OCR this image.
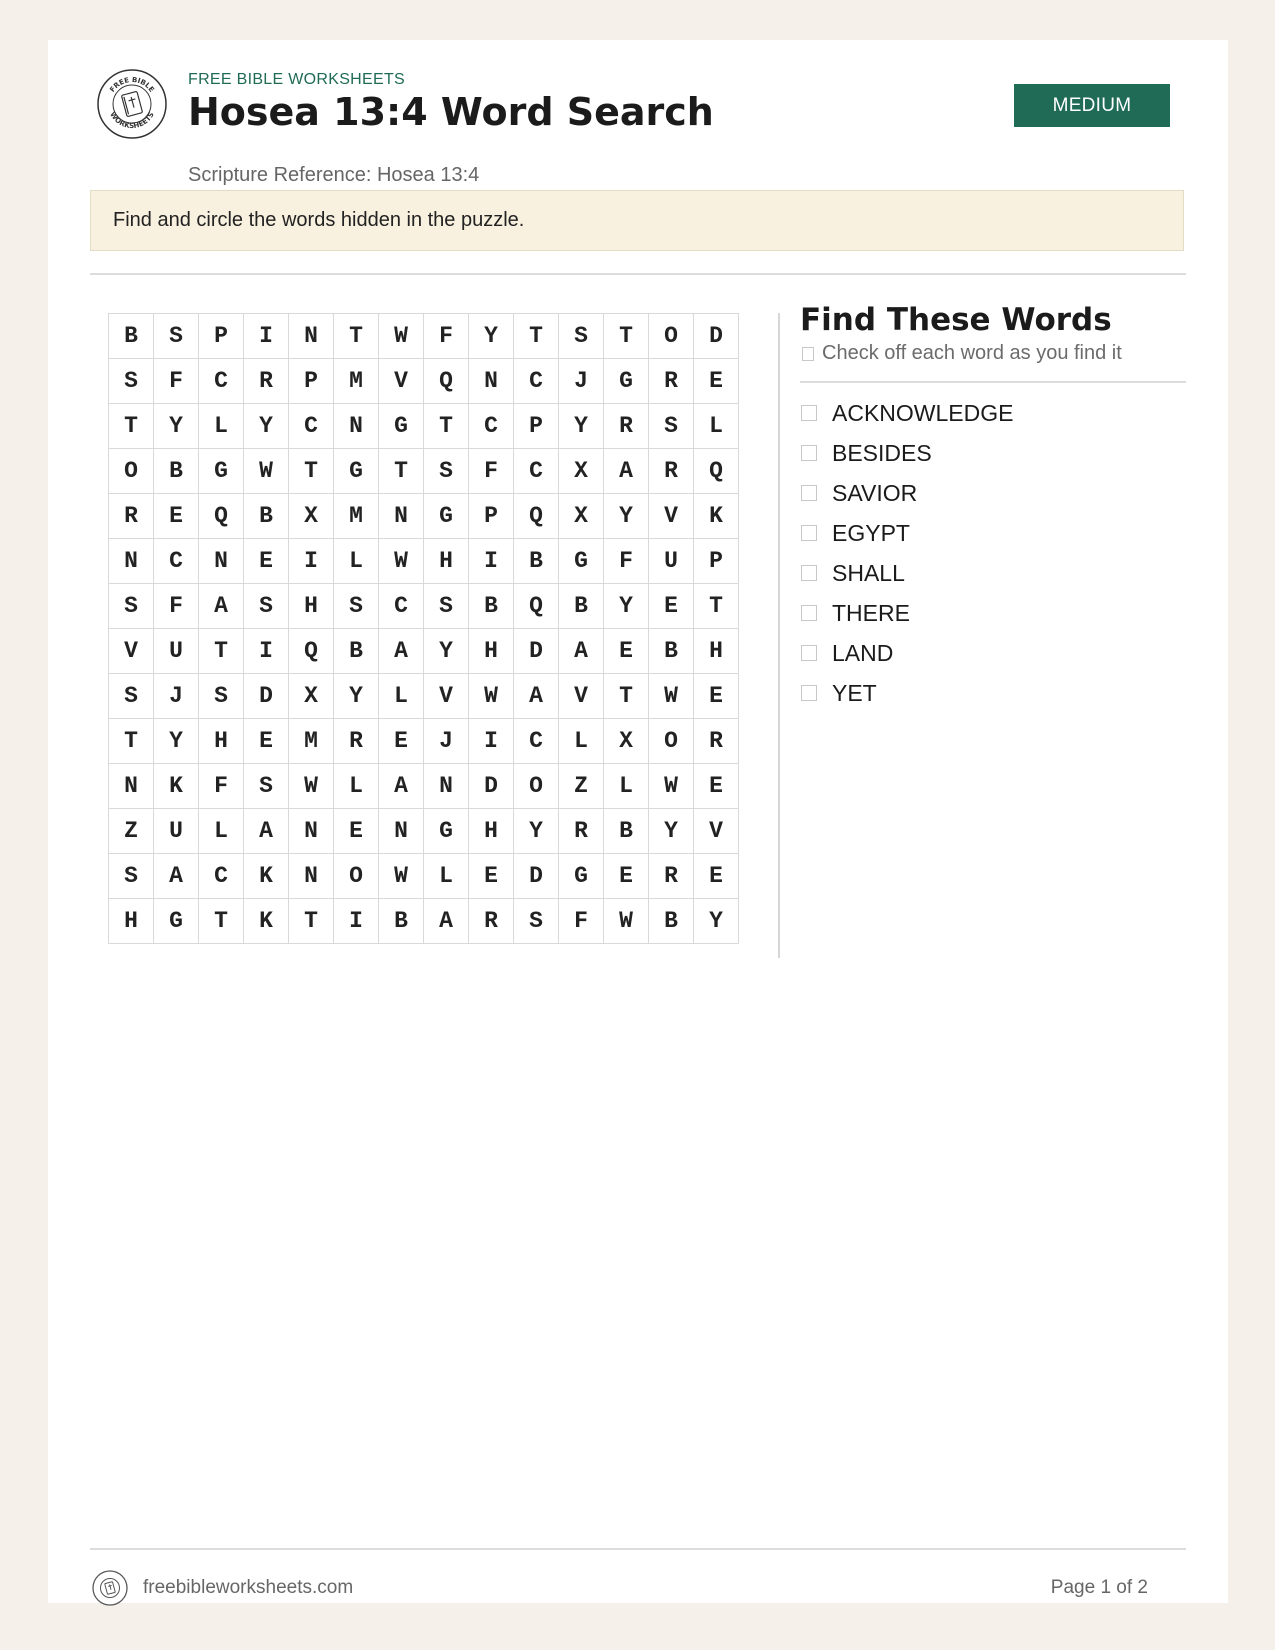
FREE BIBLE
WORKSHEETS
FREE BIBLE WORKSHEETS
Hosea 13:4 Word Search
Scripture Reference: Hosea 13:4
MEDIUM
Find and circle the words hidden in the puzzle.
B	S	P	I	N	T	W	F	Y	T	S	T	O	D
S	F	C	R	P	M	V	Q	N	C	J	G	R	E
T	Y	L	Y	C	N	G	T	C	P	Y	R	S	L
O	B	G	W	T	G	T	S	F	C	X	A	R	Q
R	E	Q	B	X	M	N	G	P	Q	X	Y	V	K
N	C	N	E	I	L	W	H	I	B	G	F	U	P
S	F	A	S	H	S	C	S	B	Q	B	Y	E	T
V	U	T	I	Q	B	A	Y	H	D	A	E	B	H
S	J	S	D	X	Y	L	V	W	A	V	T	W	E
T	Y	H	E	M	R	E	J	I	C	L	X	O	R
N	K	F	S	W	L	A	N	D	O	Z	L	W	E
Z	U	L	A	N	E	N	G	H	Y	R	B	Y	V
S	A	C	K	N	O	W	L	E	D	G	E	R	E
H	G	T	K	T	I	B	A	R	S	F	W	B	Y
Find These Words
Check off each word as you find it
ACKNOWLEDGE
BESIDES
SAVIOR
EGYPT
SHALL
THERE
LAND
YET
freebibleworksheets.com	Page 1 of 2
